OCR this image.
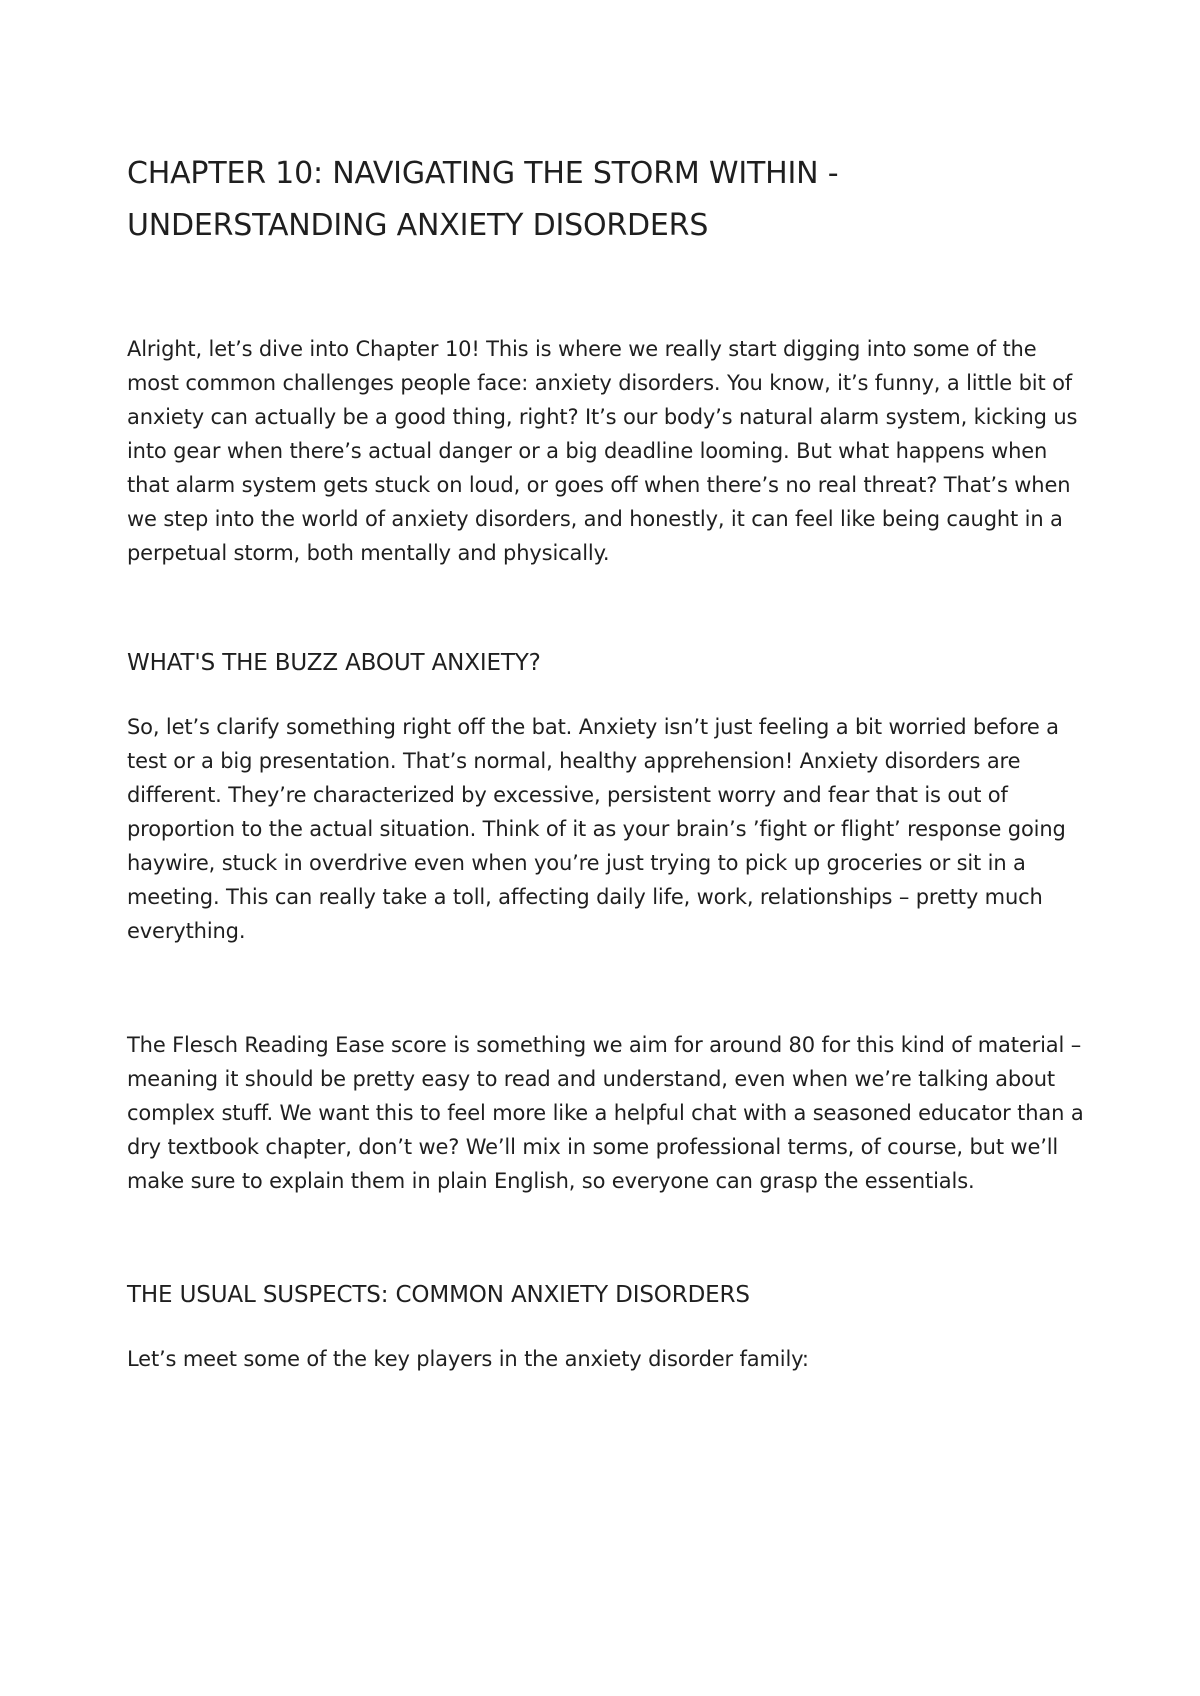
CHAPTER 10: NAVIGATING THE STORM WITHIN - UNDERSTANDING ANXIETY DISORDERS

Alright, let’s dive into Chapter 10! This is where we really start digging into some of the most common challenges people face: anxiety disorders. You know, it’s funny, a little bit of anxiety can actually be a good thing, right? It’s our body’s natural alarm system, kicking us into gear when there’s actual danger or a big deadline looming. But what happens when that alarm system gets stuck on loud, or goes off when there’s no real threat? That’s when we step into the world of anxiety disorders, and honestly, it can feel like being caught in a perpetual storm, both mentally and physically.

WHAT'S THE BUZZ ABOUT ANXIETY?

So, let’s clarify something right off the bat. Anxiety isn’t just feeling a bit worried before a test or a big presentation. That’s normal, healthy apprehension! Anxiety disorders are different. They’re characterized by excessive, persistent worry and fear that is out of proportion to the actual situation. Think of it as your brain’s ’fight or flight’ response going haywire, stuck in overdrive even when you’re just trying to pick up groceries or sit in a meeting. This can really take a toll, affecting daily life, work, relationships – pretty much everything.

The Flesch Reading Ease score is something we aim for around 80 for this kind of material – meaning it should be pretty easy to read and understand, even when we’re talking about complex stuff. We want this to feel more like a helpful chat with a seasoned educator than a dry textbook chapter, don’t we? We’ll mix in some professional terms, of course, but we’ll make sure to explain them in plain English, so everyone can grasp the essentials.

THE USUAL SUSPECTS: COMMON ANXIETY DISORDERS

Let’s meet some of the key players in the anxiety disorder family:
